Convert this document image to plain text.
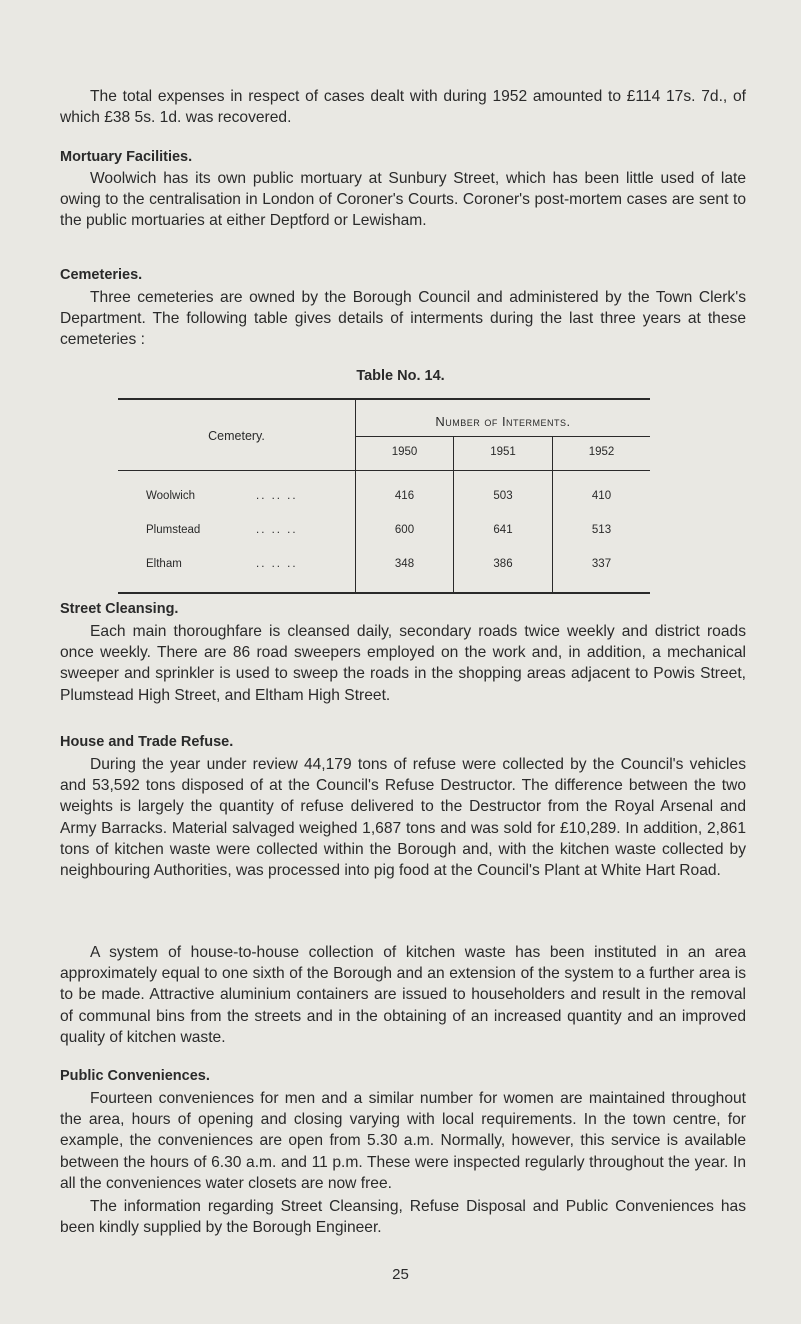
The total expenses in respect of cases dealt with during 1952 amounted to £114 17s. 7d., of which £38 5s. 1d. was recovered.

Mortuary Facilities.

Woolwich has its own public mortuary at Sunbury Street, which has been little used of late owing to the centralisation in London of Coroner's Courts. Coroner's post-mortem cases are sent to the public mortuaries at either Deptford or Lewisham.

Cemeteries.

Three cemeteries are owned by the Borough Council and administered by the Town Clerk's Department. The following table gives details of interments during the last three years at these cemeteries :

Table No. 14.
Cemetery.
Number of Interments.
1950	1951	1952
Woolwich	.. .. ..	416	503	410
Plumstead	.. .. ..	600	641	513
Eltham	.. .. ..	348	386	337

Street Cleansing.

Each main thoroughfare is cleansed daily, secondary roads twice weekly and district roads once weekly. There are 86 road sweepers employed on the work and, in addition, a mechanical sweeper and sprinkler is used to sweep the roads in the shopping areas adjacent to Powis Street, Plumstead High Street, and Eltham High Street.

House and Trade Refuse.

During the year under review 44,179 tons of refuse were collected by the Council's vehicles and 53,592 tons disposed of at the Council's Refuse Destructor. The difference between the two weights is largely the quantity of refuse delivered to the Destructor from the Royal Arsenal and Army Barracks. Material salvaged weighed 1,687 tons and was sold for £10,289. In addition, 2,861 tons of kitchen waste were collected within the Borough and, with the kitchen waste collected by neighbouring Authorities, was processed into pig food at the Council's Plant at White Hart Road.

A system of house-to-house collection of kitchen waste has been instituted in an area approximately equal to one sixth of the Borough and an extension of the system to a further area is to be made. Attractive aluminium containers are issued to householders and result in the removal of communal bins from the streets and in the obtaining of an increased quantity and an improved quality of kitchen waste.

Public Conveniences.

Fourteen conveniences for men and a similar number for women are maintained throughout the area, hours of opening and closing varying with local requirements. In the town centre, for example, the conveniences are open from 5.30 a.m. Normally, however, this service is available between the hours of 6.30 a.m. and 11 p.m. These were inspected regularly throughout the year. In all the conveniences water closets are now free.

The information regarding Street Cleansing, Refuse Disposal and Public Conveniences has been kindly supplied by the Borough Engineer.

25
